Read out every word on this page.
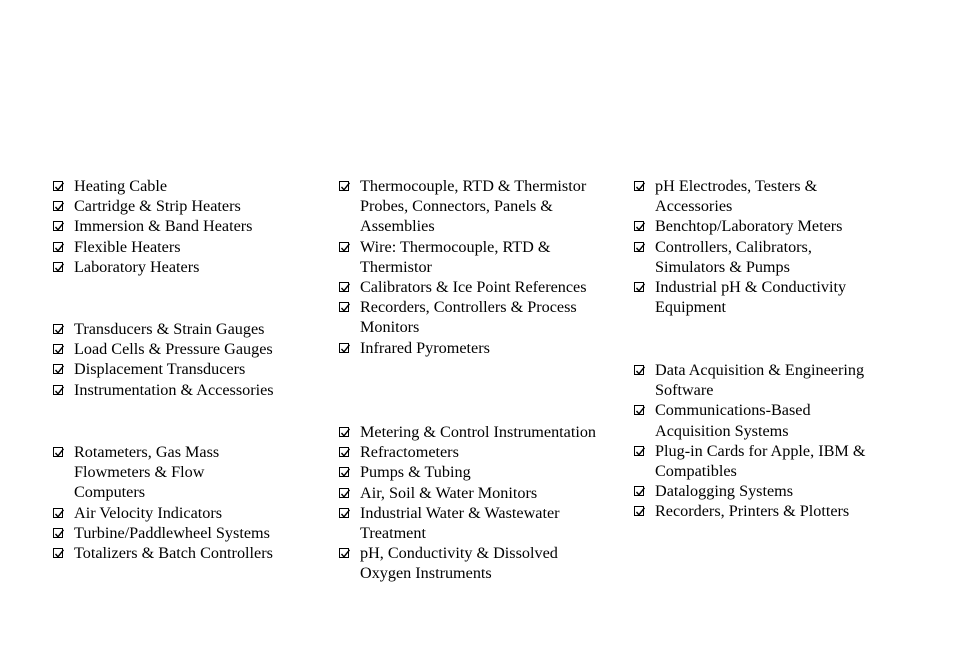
Heating Cable
Cartridge & Strip Heaters
Immersion & Band Heaters
Flexible Heaters
Laboratory Heaters
Transducers & Strain Gauges
Load Cells & Pressure Gauges
Displacement Transducers
Instrumentation & Accessories
Rotameters, Gas Mass Flowmeters & Flow Computers
Air Velocity Indicators
Turbine/Paddlewheel Systems
Totalizers & Batch Controllers
Thermocouple, RTD & Thermistor Probes, Connectors, Panels & Assemblies
Wire: Thermocouple, RTD & Thermistor
Calibrators & Ice Point References
Recorders, Controllers & Process Monitors
Infrared Pyrometers
Metering & Control Instrumentation
Refractometers
Pumps & Tubing
Air, Soil & Water Monitors
Industrial Water & Wastewater Treatment
pH, Conductivity & Dissolved Oxygen Instruments
pH Electrodes, Testers & Accessories
Benchtop/Laboratory Meters
Controllers, Calibrators, Simulators & Pumps
Industrial pH & Conductivity Equipment
Data Acquisition & Engineering Software
Communications-Based Acquisition Systems
Plug-in Cards for Apple, IBM & Compatibles
Datalogging Systems
Recorders, Printers & Plotters
